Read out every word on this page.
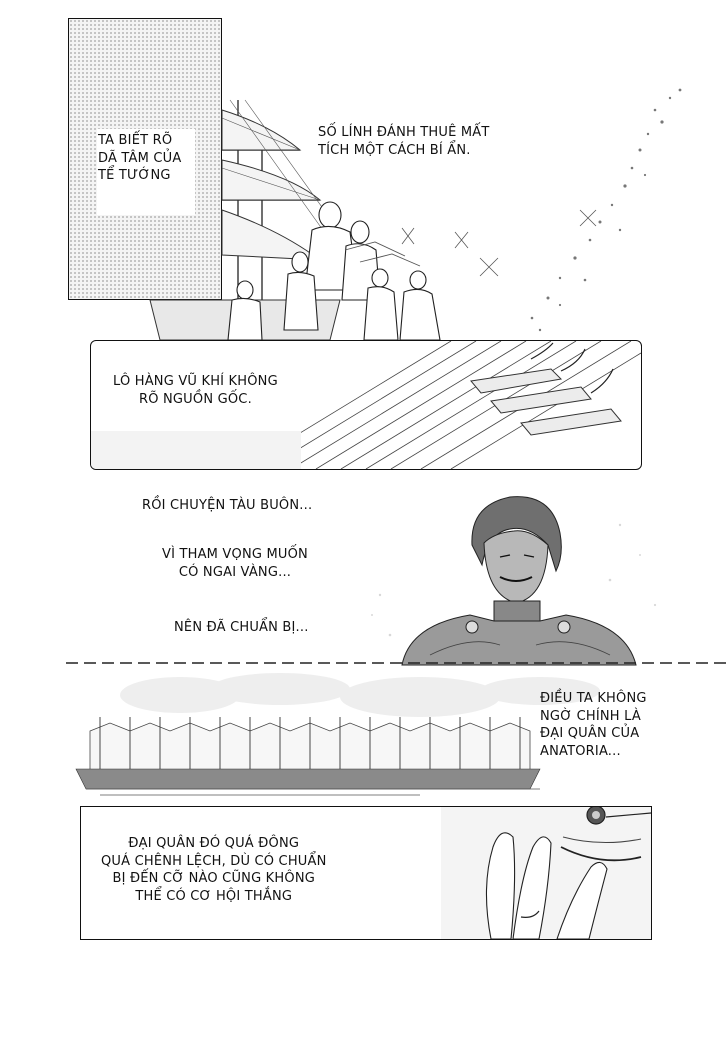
TA BIẾT RÕ
DÃ TÂM CỦA
TỂ TƯỚNG
SỐ LÍNH ĐÁNH THUÊ MẤT
TÍCH MỘT CÁCH BÍ ẨN.
LÔ HÀNG VŨ KHÍ KHÔNG
RÕ NGUỒN GỐC.
RỒI CHUYỆN TÀU BUÔN...
VÌ THAM VỌNG MUỐN
CÓ NGAI VÀNG...
NÊN ĐÃ CHUẨN BỊ...
ĐIỀU TA KHÔNG
NGỜ CHÍNH LÀ
ĐẠI QUÂN CỦA
ANATORIA...
ĐẠI QUÂN ĐÓ QUÁ ĐÔNG
QUÁ CHÊNH LỆCH, DÙ CÓ CHUẨN
BỊ ĐẾN CỠ NÀO CŨNG KHÔNG
THỂ CÓ CƠ HỘI THẮNG
